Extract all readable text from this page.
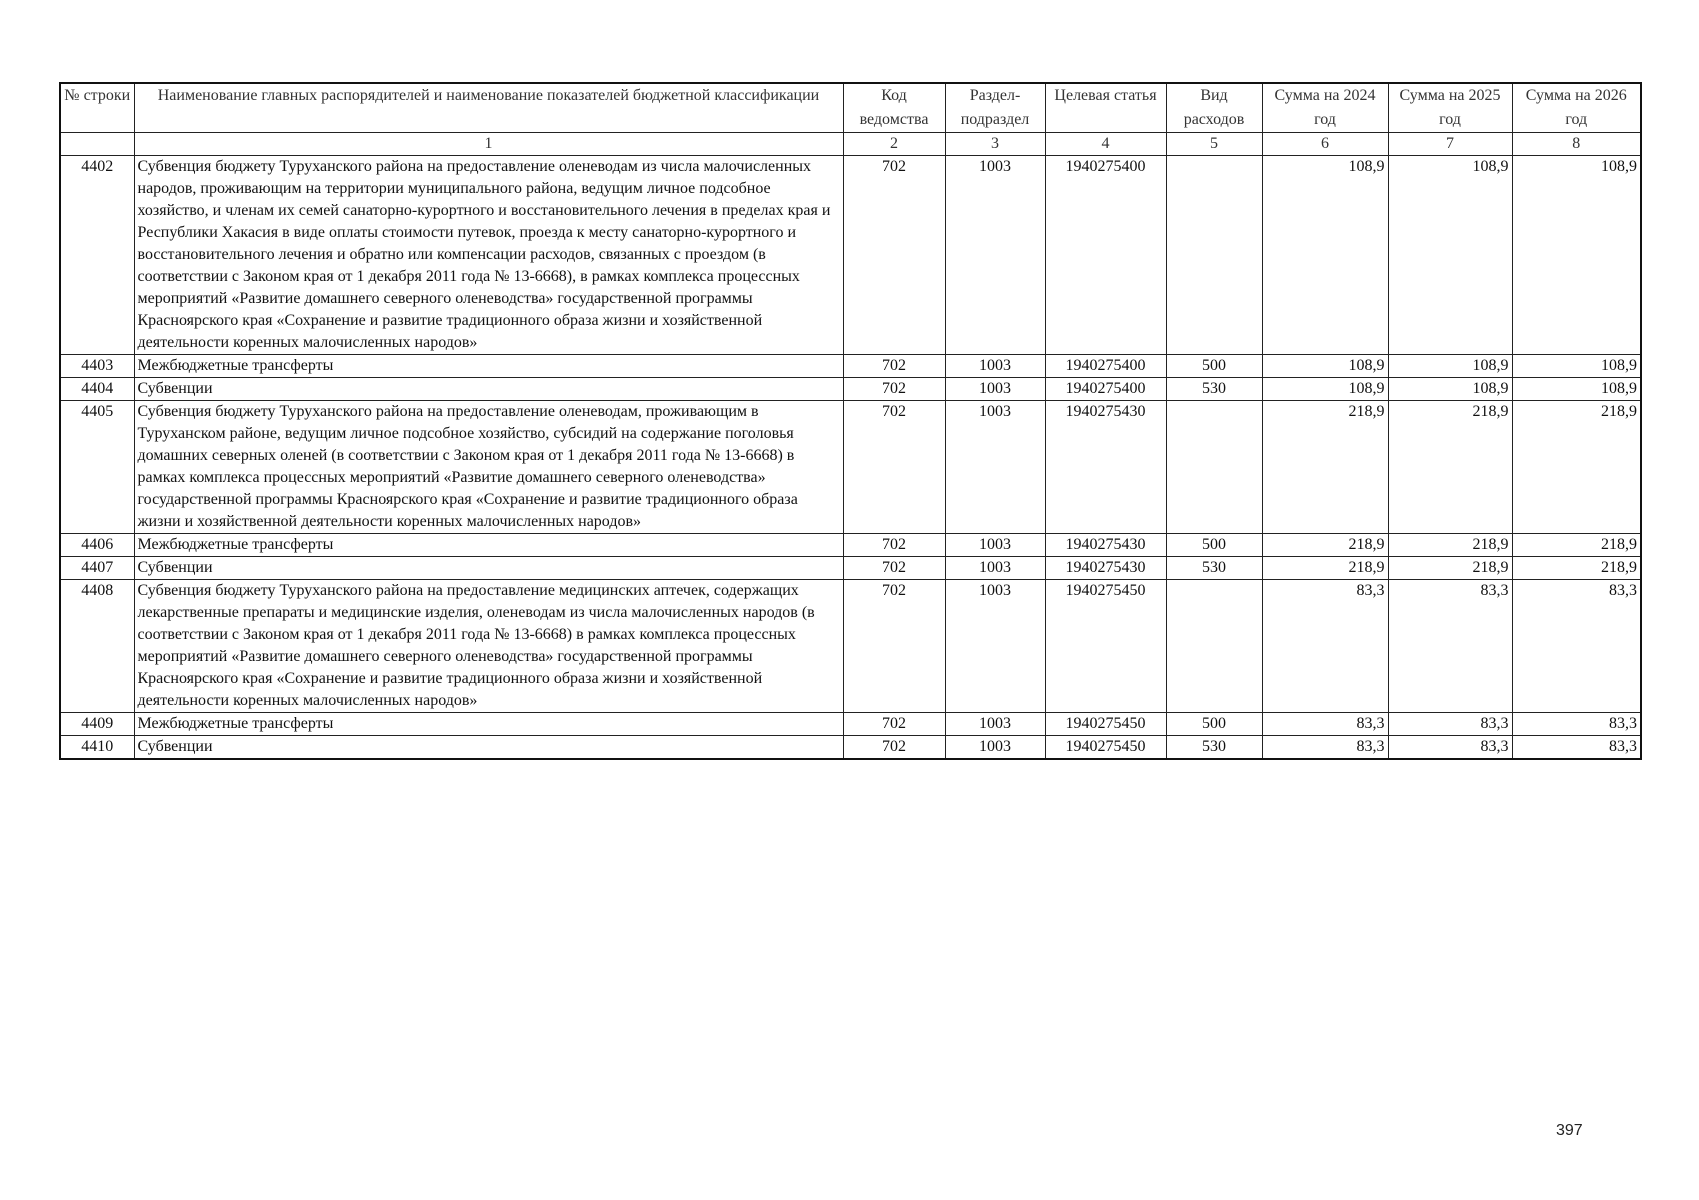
№ строки	Наименование главных распорядителей и наименование показателей бюджетной классификации	Код ведомства	Раздел-подраздел	Целевая статья	Вид расходов	Сумма на 2024 год	Сумма на 2025 год	Сумма на 2026 год
	1	2	3	4	5	6	7	8
4402	Субвенция бюджету Туруханского района на предоставление оленеводам из числа малочисленных народов, проживающим на территории муниципального района, ведущим личное подсобное хозяйство, и членам их семей санаторно-курортного и восстановительного лечения в пределах края и Республики Хакасия в виде оплаты стоимости путевок, проезда к месту санаторно-курортного и восстановительного лечения и обратно или компенсации расходов, связанных с проездом (в соответствии с Законом края от 1 декабря 2011 года № 13-6668), в рамках комплекса процессных мероприятий «Развитие домашнего северного оленеводства» государственной программы Красноярского края «Сохранение и развитие традиционного образа жизни и хозяйственной деятельности коренных малочисленных народов»	702	1003	1940275400		108,9	108,9	108,9
4403	Межбюджетные трансферты	702	1003	1940275400	500	108,9	108,9	108,9
4404	Субвенции	702	1003	1940275400	530	108,9	108,9	108,9
4405	Субвенция бюджету Туруханского района на предоставление оленеводам, проживающим в Туруханском районе, ведущим личное подсобное хозяйство, субсидий на содержание поголовья домашних северных оленей (в соответствии с Законом края от 1 декабря 2011 года № 13-6668) в рамках комплекса процессных мероприятий «Развитие домашнего северного оленеводства» государственной программы Красноярского края «Сохранение и развитие традиционного образа жизни и хозяйственной деятельности коренных малочисленных народов»	702	1003	1940275430		218,9	218,9	218,9
4406	Межбюджетные трансферты	702	1003	1940275430	500	218,9	218,9	218,9
4407	Субвенции	702	1003	1940275430	530	218,9	218,9	218,9
4408	Субвенция бюджету Туруханского района на предоставление медицинских аптечек, содержащих лекарственные препараты и медицинские изделия, оленеводам из числа малочисленных народов (в соответствии с Законом края от 1 декабря 2011 года № 13-6668) в рамках комплекса процессных мероприятий «Развитие домашнего северного оленеводства» государственной программы Красноярского края «Сохранение и развитие традиционного образа жизни и хозяйственной деятельности коренных малочисленных народов»	702	1003	1940275450		83,3	83,3	83,3
4409	Межбюджетные трансферты	702	1003	1940275450	500	83,3	83,3	83,3
4410	Субвенции	702	1003	1940275450	530	83,3	83,3	83,3
397
